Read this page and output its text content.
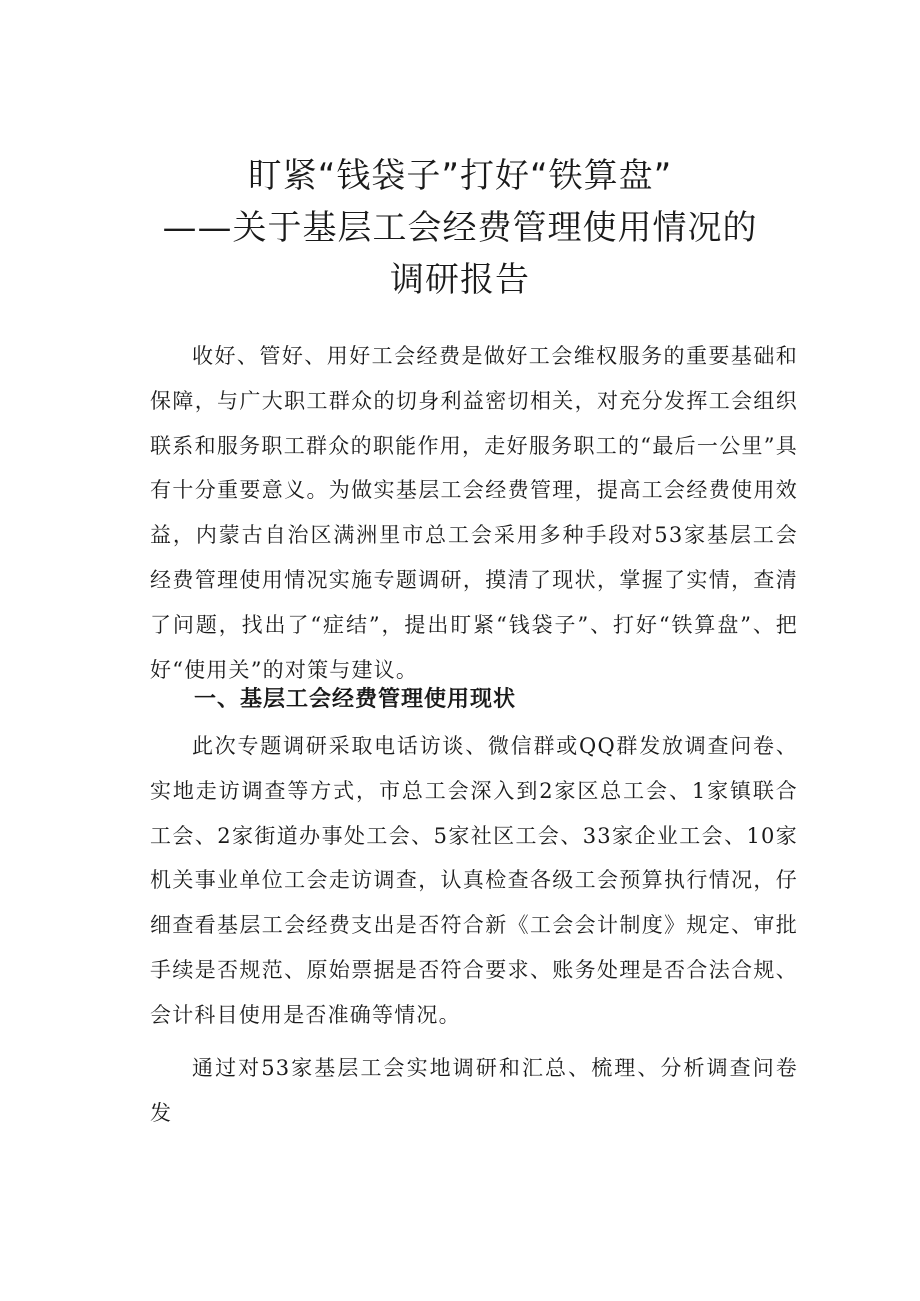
盯紧“钱袋子”打好“铁算盘”
——关于基层工会经费管理使用情况的
调研报告

收好、管好、用好工会经费是做好工会维权服务的重要基础和保障，与广大职工群众的切身利益密切相关，对充分发挥工会组织联系和服务职工群众的职能作用，走好服务职工的“最后一公里”具有十分重要意义。为做实基层工会经费管理，提高工会经费使用效益，内蒙古自治区满洲里市总工会采用多种手段对53家基层工会经费管理使用情况实施专题调研，摸清了现状，掌握了实情，查清了问题，找出了“症结”，提出盯紧“钱袋子”、打好“铁算盘”、把好“使用关”的对策与建议。

一、基层工会经费管理使用现状

此次专题调研采取电话访谈、微信群或QQ群发放调查问卷、实地走访调查等方式，市总工会深入到2家区总工会、1家镇联合工会、2家街道办事处工会、5家社区工会、33家企业工会、10家机关事业单位工会走访调查，认真检查各级工会预算执行情况，仔细查看基层工会经费支出是否符合新《工会会计制度》规定、审批手续是否规范、原始票据是否符合要求、账务处理是否合法合规、会计科目使用是否准确等情况。

通过对53家基层工会实地调研和汇总、梳理、分析调查问卷发
